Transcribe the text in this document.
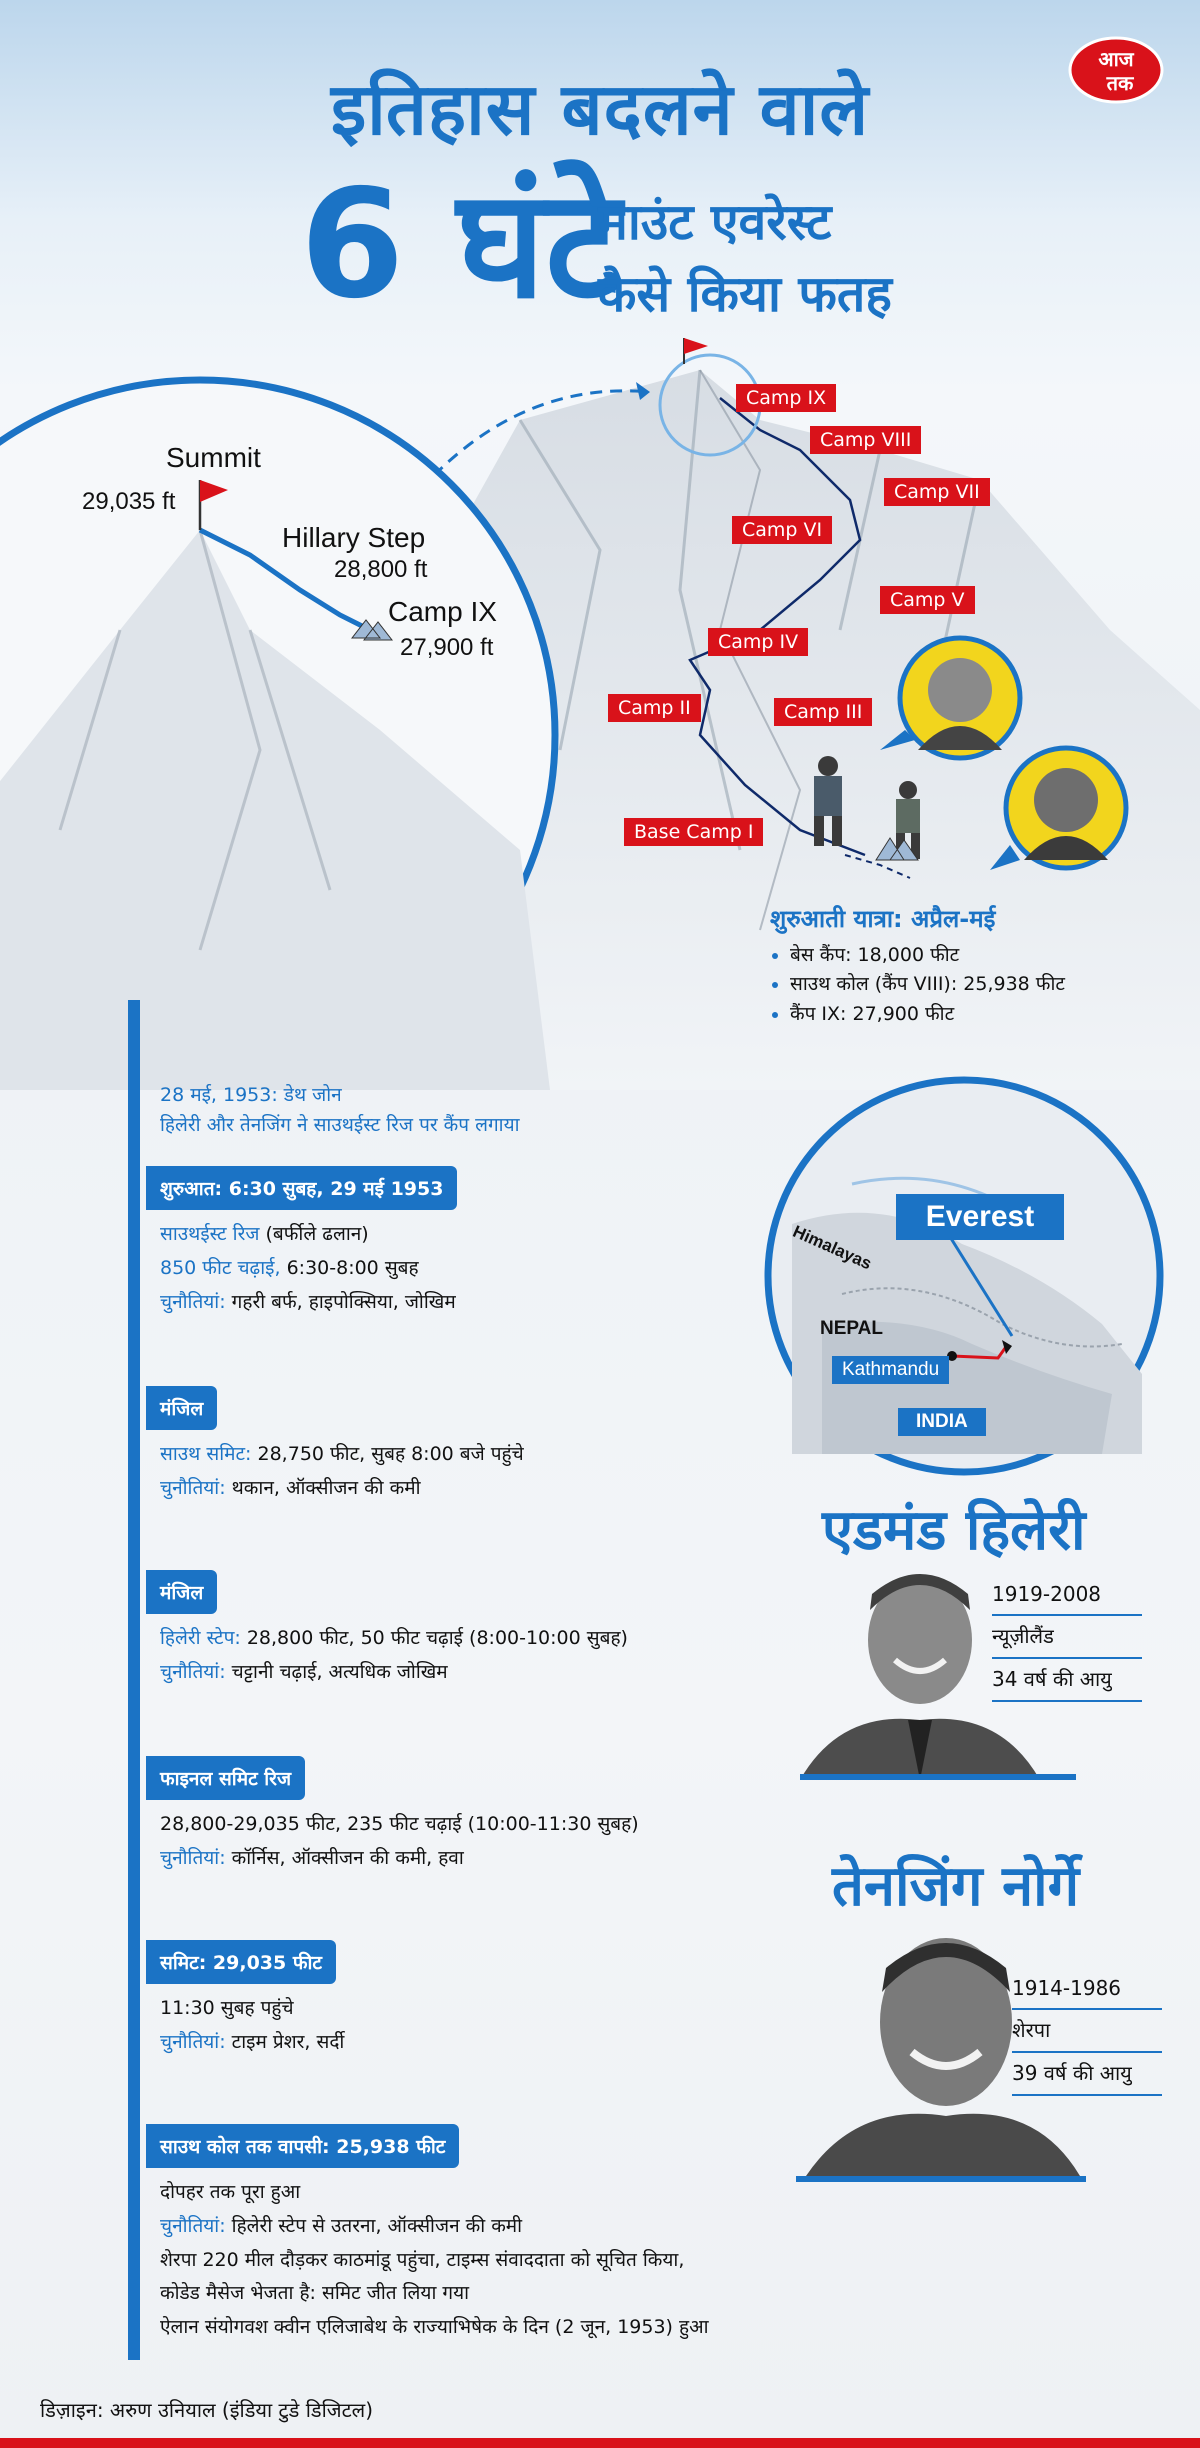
इतिहास बदलने वाले
6 घंटे
माउंट एवरेस्ट
कैसे किया फतह
आज
तक
Summit
29,035 ft
Hillary Step
28,800 ft
Camp IX
27,900 ft
Camp IX
Camp VIII
Camp VII
Camp VI
Camp V
Camp IV
Camp III
Camp II
Base Camp I
शुरुआती यात्रा: अप्रैल-मई
• बेस कैंप: 18,000 फीट
• साउथ कोल (कैंप VIII): 25,938 फीट
• कैंप IX: 27,900 फीट
28 मई, 1953: डेथ जोन
हिलेरी और तेनजिंग ने साउथईस्ट रिज पर कैंप लगाया
शुरुआत: 6:30 सुबह, 29 मई 1953
साउथईस्ट रिज (बर्फीले ढलान)
850 फीट चढ़ाई, 6:30-8:00 सुबह
चुनौतियां: गहरी बर्फ, हाइपोक्सिया, जोखिम
मंजिल
साउथ समिट: 28,750 फीट, सुबह 8:00 बजे पहुंचे
चुनौतियां: थकान, ऑक्सीजन की कमी
मंजिल
हिलेरी स्टेप: 28,800 फीट, 50 फीट चढ़ाई (8:00-10:00 सुबह)
चुनौतियां: चट्टानी चढ़ाई, अत्यधिक जोखिम
फाइनल समिट रिज
28,800-29,035 फीट, 235 फीट चढ़ाई (10:00-11:30 सुबह)
चुनौतियां: कॉर्निस, ऑक्सीजन की कमी, हवा
समिट: 29,035 फीट
11:30 सुबह पहुंचे
चुनौतियां: टाइम प्रेशर, सर्दी
साउथ कोल तक वापसी: 25,938 फीट
दोपहर तक पूरा हुआ
चुनौतियां: हिलेरी स्टेप से उतरना, ऑक्सीजन की कमी
शेरपा 220 मील दौड़कर काठमांडू पहुंचा, टाइम्स संवाददाता को सूचित किया,
कोडेड मैसेज भेजता है: समिट जीत लिया गया
ऐलान संयोगवश क्वीन एलिजाबेथ के राज्याभिषेक के दिन (2 जून, 1953) हुआ
Everest
Himalayas
NEPAL
Kathmandu
INDIA
एडमंड हिलेरी
1919-2008
न्यूज़ीलैंड
34 वर्ष की आयु
तेनजिंग नोर्गे
1914-1986
शेरपा
39 वर्ष की आयु
डिज़ाइन: अरुण उनियाल (इंडिया टुडे डिजिटल)
